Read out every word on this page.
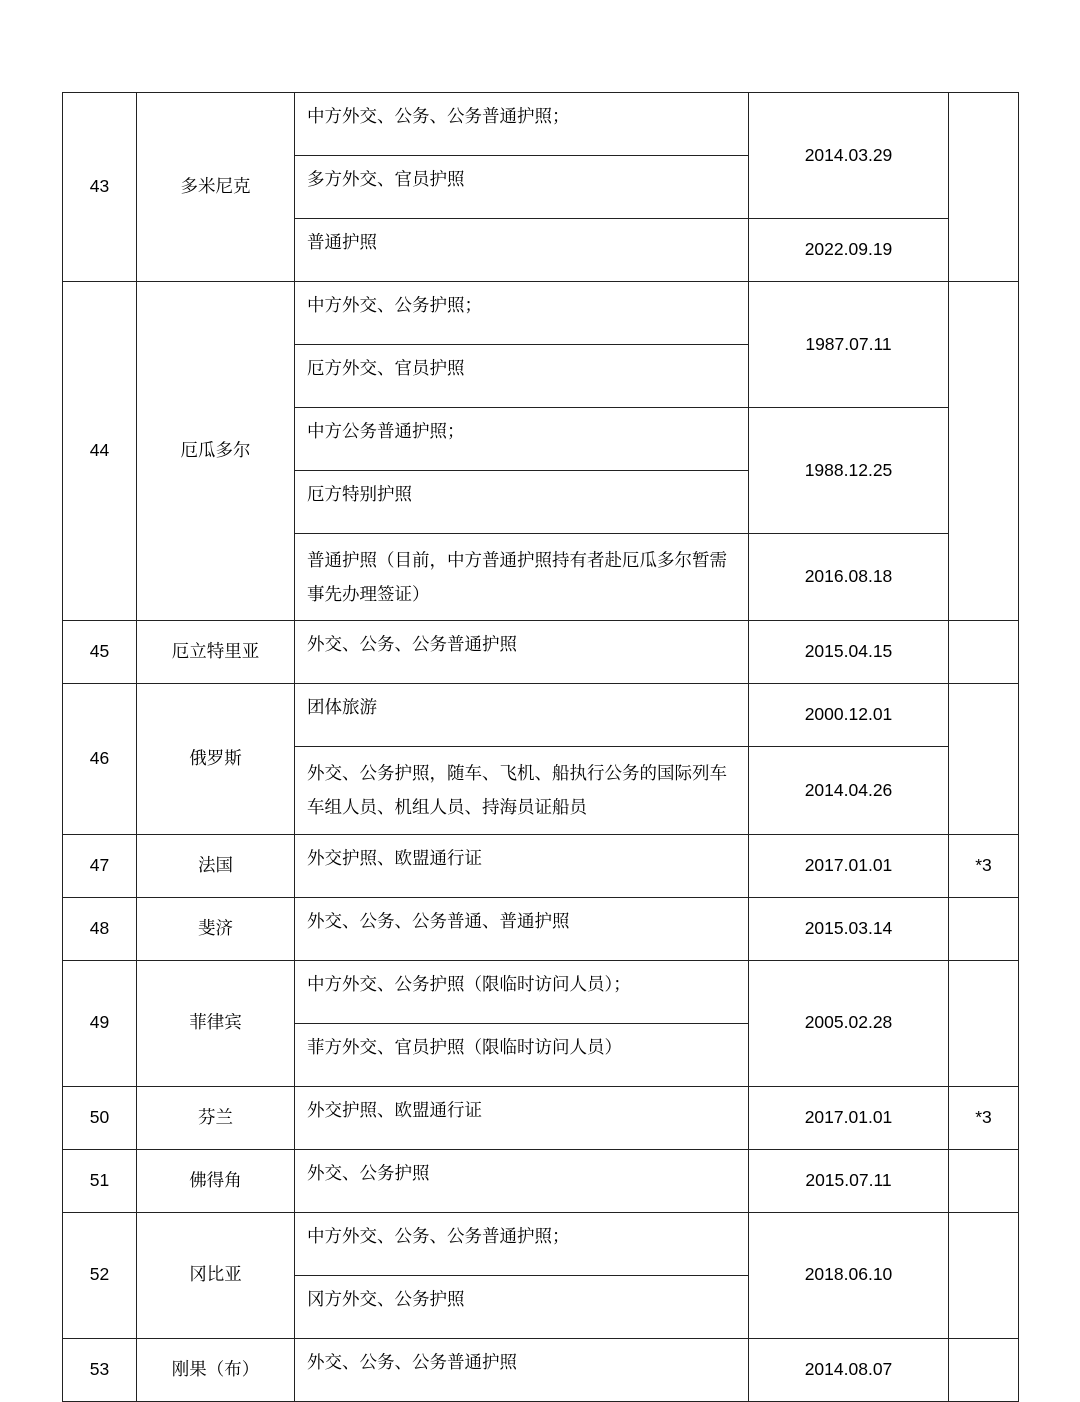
43	多米尼克	中方外交、公务、公务普通护照；	2014.03.29	

		多方外交、官员护照		

		普通护照	2022.09.19	

44	厄瓜多尔	中方外交、公务护照；	1987.07.11	

		厄方外交、官员护照		

		中方公务普通护照；	1988.12.25	

		厄方特别护照		

		普通护照（目前，中方普通护照持有者赴厄瓜多尔暂需事先办理签证）	2016.08.18	

45	厄立特里亚	外交、公务、公务普通护照	2015.04.15	

46	俄罗斯	团体旅游	2000.12.01	

		外交、公务护照，随车、飞机、船执行公务的国际列车车组人员、机组人员、持海员证船员	2014.04.26	

47	法国	外交护照、欧盟通行证	2017.01.01	*3

48	斐济	外交、公务、公务普通、普通护照	2015.03.14	

49	菲律宾	中方外交、公务护照（限临时访问人员）；	2005.02.28	

		菲方外交、官员护照（限临时访问人员）		

50	芬兰	外交护照、欧盟通行证	2017.01.01	*3

51	佛得角	外交、公务护照	2015.07.11	

52	冈比亚	中方外交、公务、公务普通护照；	2018.06.10	

		冈方外交、公务护照		

53	刚果（布）	外交、公务、公务普通护照	2014.08.07	
